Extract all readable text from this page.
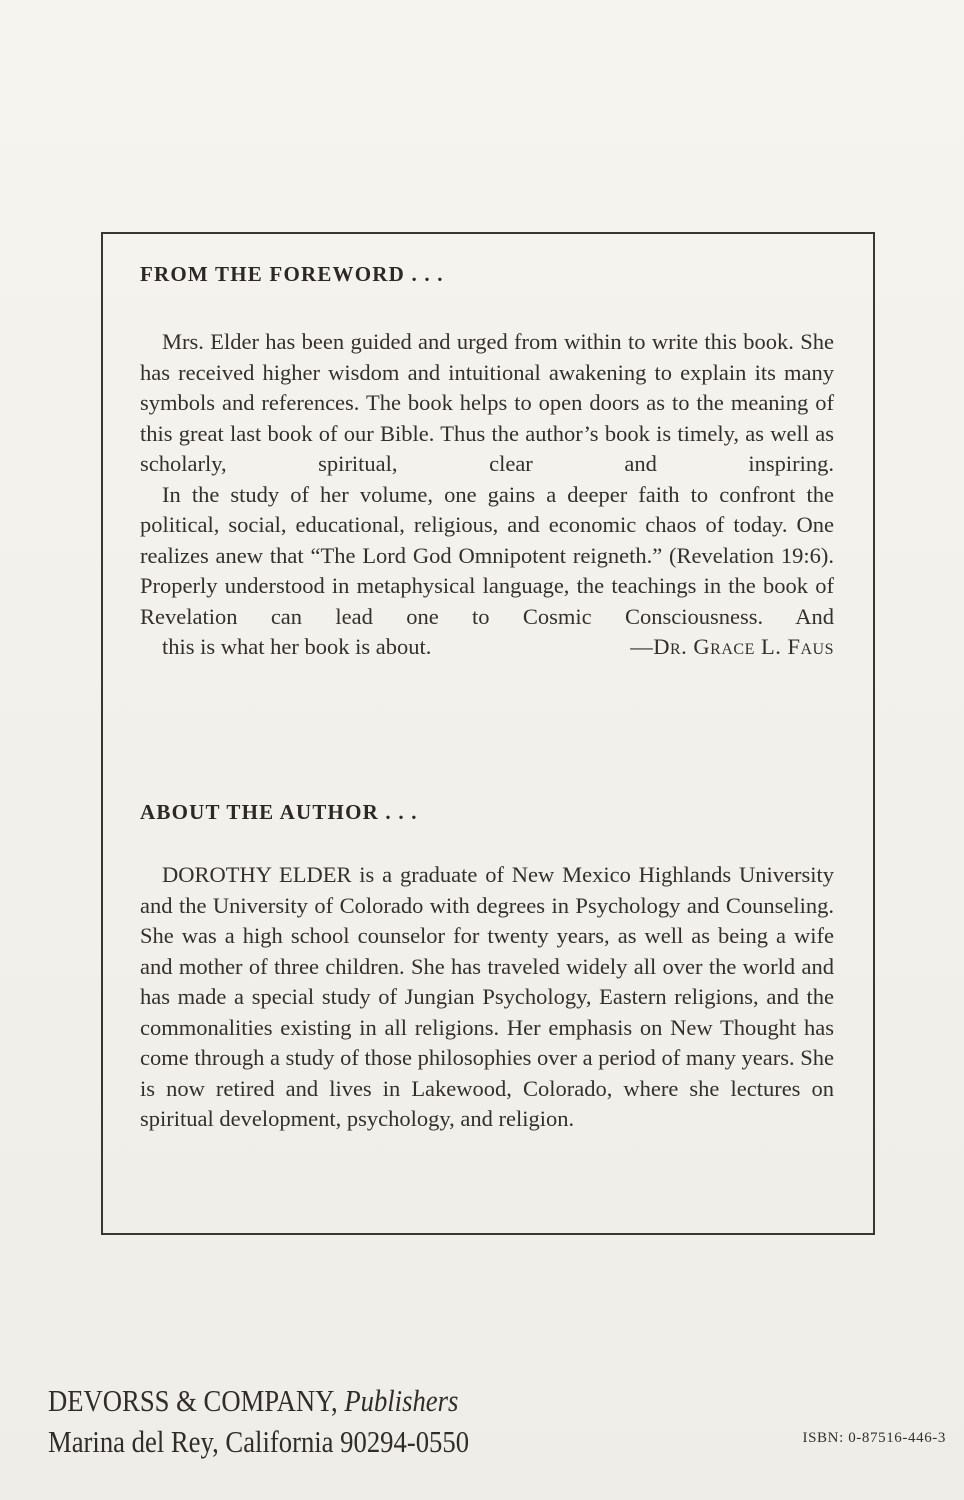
FROM THE FOREWORD . . .

Mrs. Elder has been guided and urged from within to write this book. She has received higher wisdom and intuitional awakening to explain its many symbols and references. The book helps to open doors as to the meaning of this great last book of our Bible. Thus the author’s book is timely, as well as scholarly, spiritual, clear and inspiring.

In the study of her volume, one gains a deeper faith to confront the political, social, educational, religious, and economic chaos of today. One realizes anew that “The Lord God Omnipotent reigneth.” (Revelation 19:6). Properly understood in metaphysical language, the teachings in the book of Revelation can lead one to Cosmic Consciousness. And

this is what her book is about.	—Dr. Grace L. Faus

ABOUT THE AUTHOR . . .

DOROTHY ELDER is a graduate of New Mexico Highlands University and the University of Colorado with degrees in Psychology and Counseling. She was a high school counselor for twenty years, as well as being a wife and mother of three children. She has traveled widely all over the world and has made a special study of Jungian Psychology, Eastern religions, and the commonalities existing in all religions. Her emphasis on New Thought has come through a study of those philosophies over a period of many years. She is now retired and lives in Lakewood, Colorado, where she lectures on spiritual development, psychology, and religion.

DEVORSS & COMPANY, Publishers
Marina del Rey, California 90294-0550	ISBN: 0-87516-446-3
